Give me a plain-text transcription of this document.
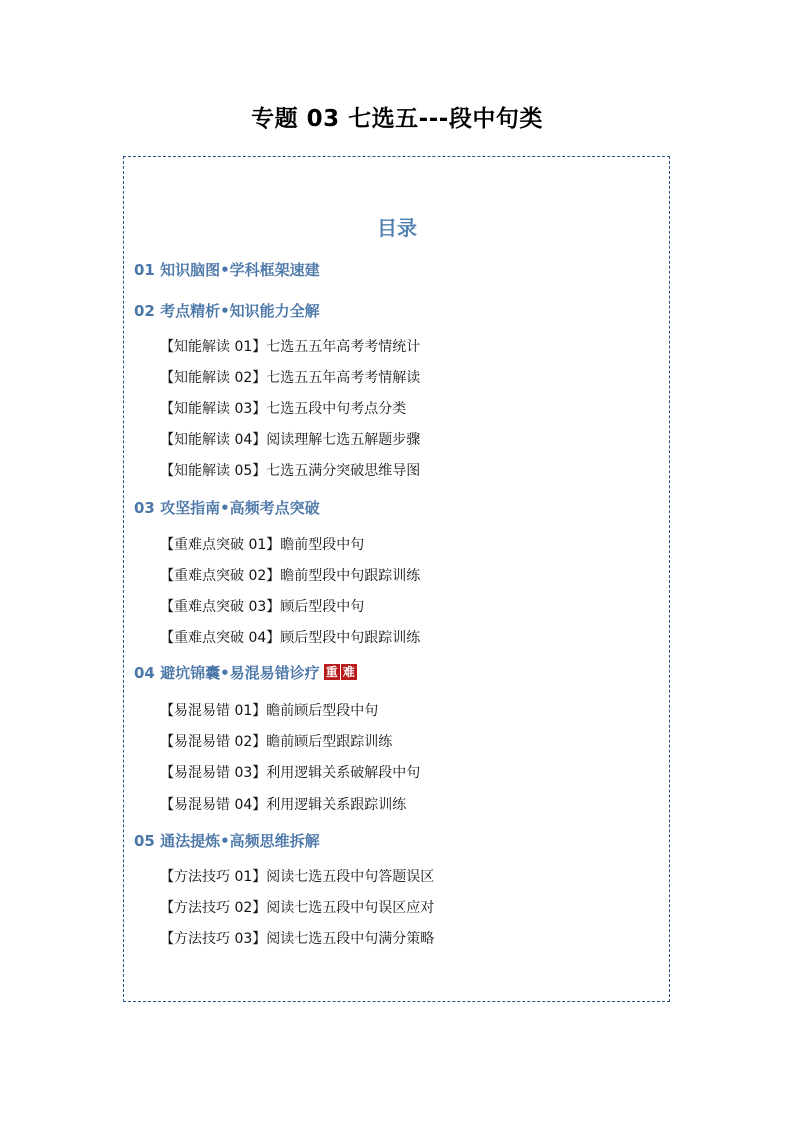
专题 03 七选五---段中句类
目录
01 知识脑图•学科框架速建
02 考点精析•知识能力全解
【知能解读 01】七选五五年高考考情统计
【知能解读 02】七选五五年高考考情解读
【知能解读 03】七选五段中句考点分类
【知能解读 04】阅读理解七选五解题步骤
【知能解读 05】七选五满分突破思维导图
03 攻坚指南•高频考点突破
【重难点突破 01】瞻前型段中句
【重难点突破 02】瞻前型段中句跟踪训练
【重难点突破 03】顾后型段中句
【重难点突破 04】顾后型段中句跟踪训练
04 避坑锦囊•易混易错诊疗 重 难
【易混易错 01】瞻前顾后型段中句
【易混易错 02】瞻前顾后型跟踪训练
【易混易错 03】利用逻辑关系破解段中句
【易混易错 04】利用逻辑关系跟踪训练
05 通法提炼•高频思维拆解
【方法技巧 01】阅读七选五段中句答题误区
【方法技巧 02】阅读七选五段中句误区应对
【方法技巧 03】阅读七选五段中句满分策略
